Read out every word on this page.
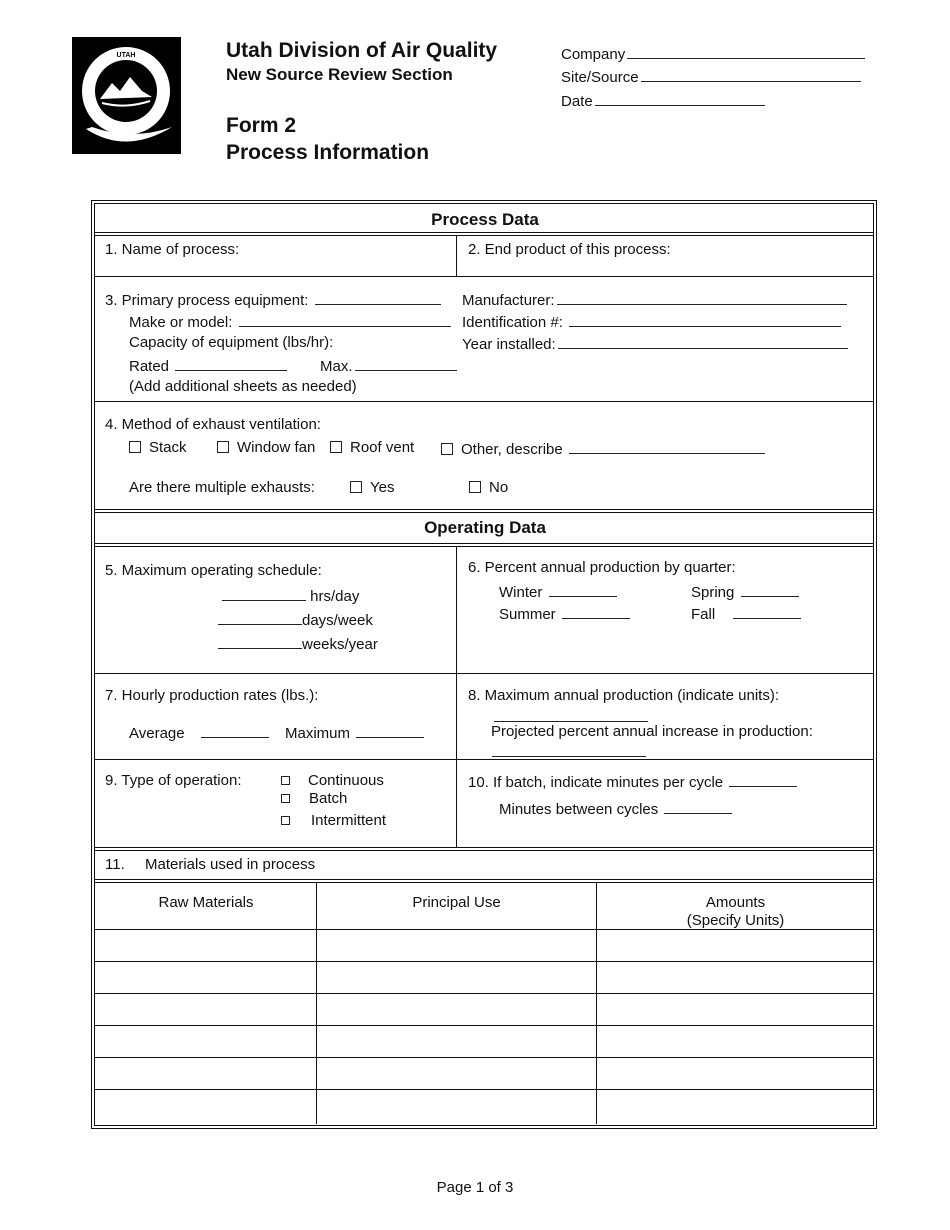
UTAH	Utah Division of Air Quality
New Source Review Section
Form 2
Process Information
Company
Site/Source
Date
Process Data
1. Name of process:	2. End product of this process:
3. Primary process equipment:
Make or model:
Capacity of equipment (lbs/hr):
Rated	Max.
(Add additional sheets as needed)
Manufacturer:
Identification #:
Year installed:
4. Method of exhaust ventilation:
Stack	Window fan	Roof vent	Other, describe
Are there multiple exhausts:	Yes	No
Operating Data
5. Maximum operating schedule:
hrs/day
days/week
weeks/year
6. Percent annual production by quarter:
Winter	Spring
Summer	Fall
7. Hourly production rates (lbs.):
Average	Maximum
8. Maximum annual production (indicate units):
Projected percent annual increase in production:
9. Type of operation:	Continuous
Batch
Intermittent
10. If batch, indicate minutes per cycle
Minutes between cycles
11. Materials used in process
Raw Materials	Principal Use	Amounts
(Specify Units)
Page 1 of 3
